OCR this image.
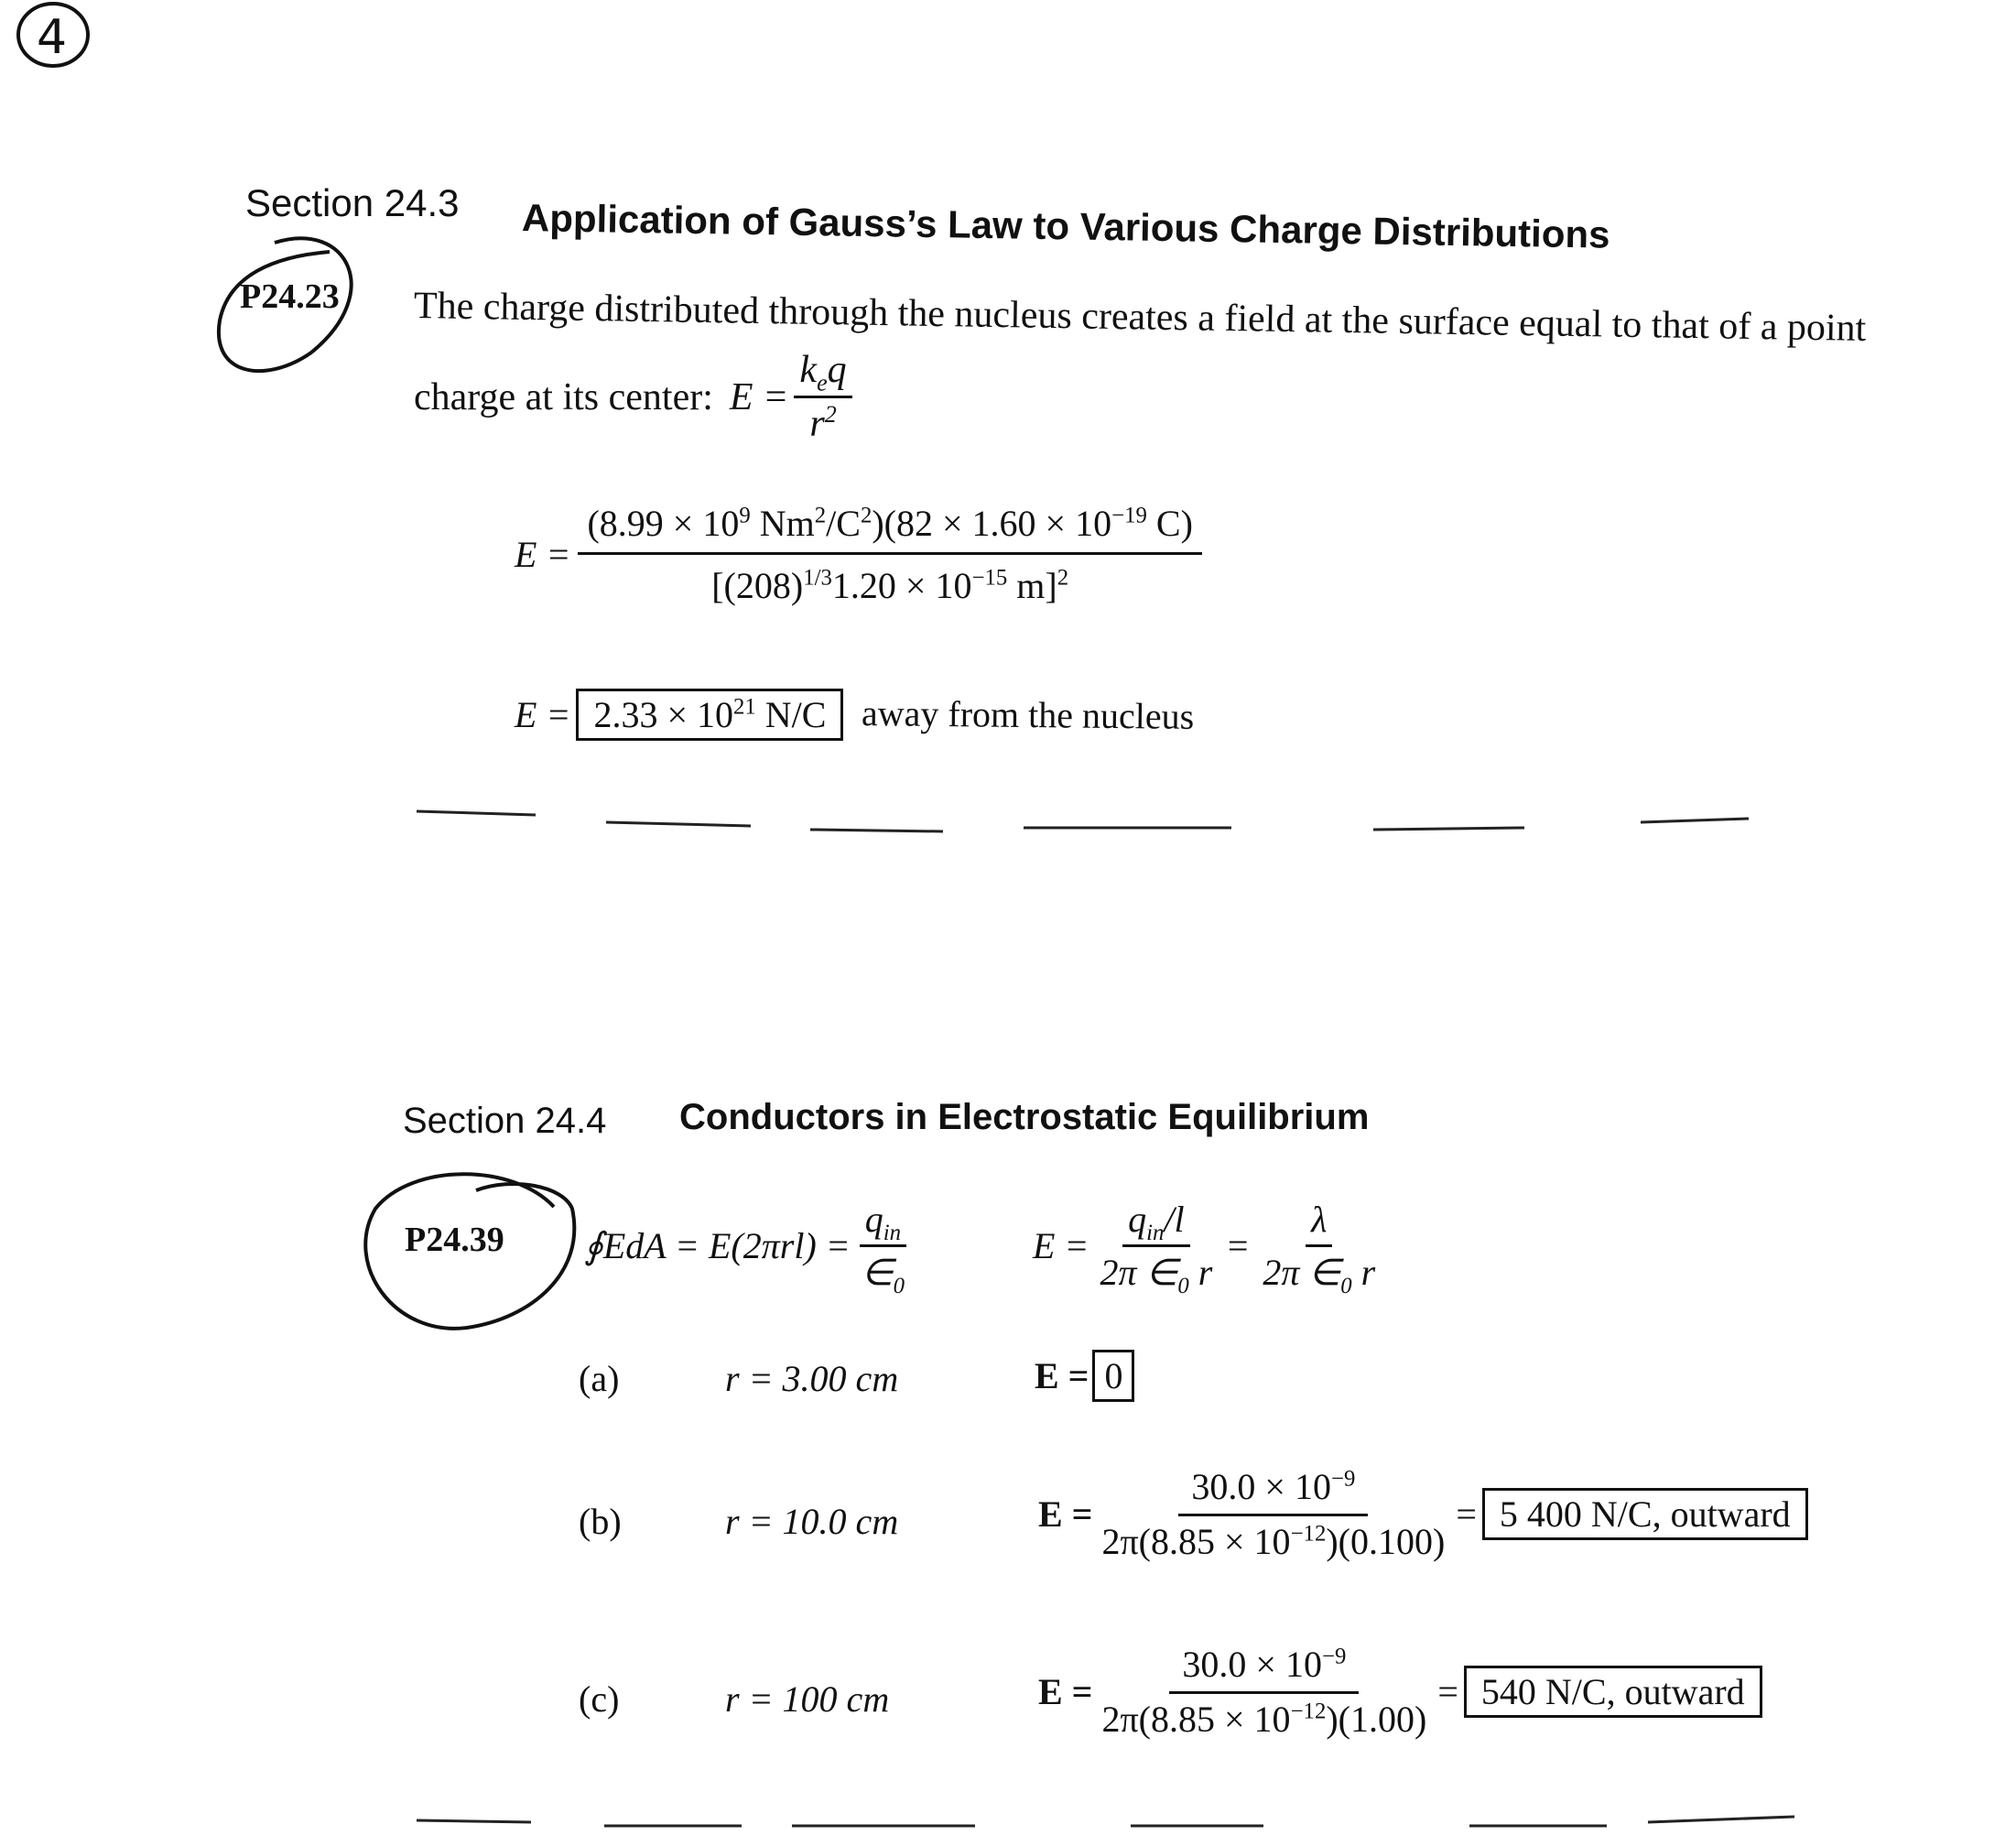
4
Section 24.3 Application of Gauss’s Law to Various Charge Distributions
P24.23 The charge distributed through the nucleus creates a field at the surface equal to that of a point
charge at its center: $E = \frac{k_eq}{r^2}$
$E = \frac{(8.99 \times 10^9 Nm^2/C^2)(82 \times 1.60 \times 10^{-19} C)}{[(208)^{1/3}1.20 \times 10^{-15} m]^2}$
$E = 2.33 \times 10^{21}$ N/C away from the nucleus
Section 24.4 Conductors in Electrostatic Equilibrium
P24.39 ∮EdA = $E(2\pi rl) = \frac{q_{in}}{\in_0}$	$E = \frac{q_{in}/l}{2\pi \in_0 r} = \frac{\lambda}{2\pi \in_0 r}$
(a)	r = 3.00 cm	E = 0
(b)	r = 10.0 cm	$E = \frac{30.0 \times 10^{-9}}{2\pi(8.85 \times 10^{-12})(0.100)} = 5$ 400 N/C, outward
(c)	r = 100 cm	$E = \frac{30.0 \times 10^{-9}}{2\pi(8.85 \times 10^{-12})(1.00)} = 540$ N/C, outward
